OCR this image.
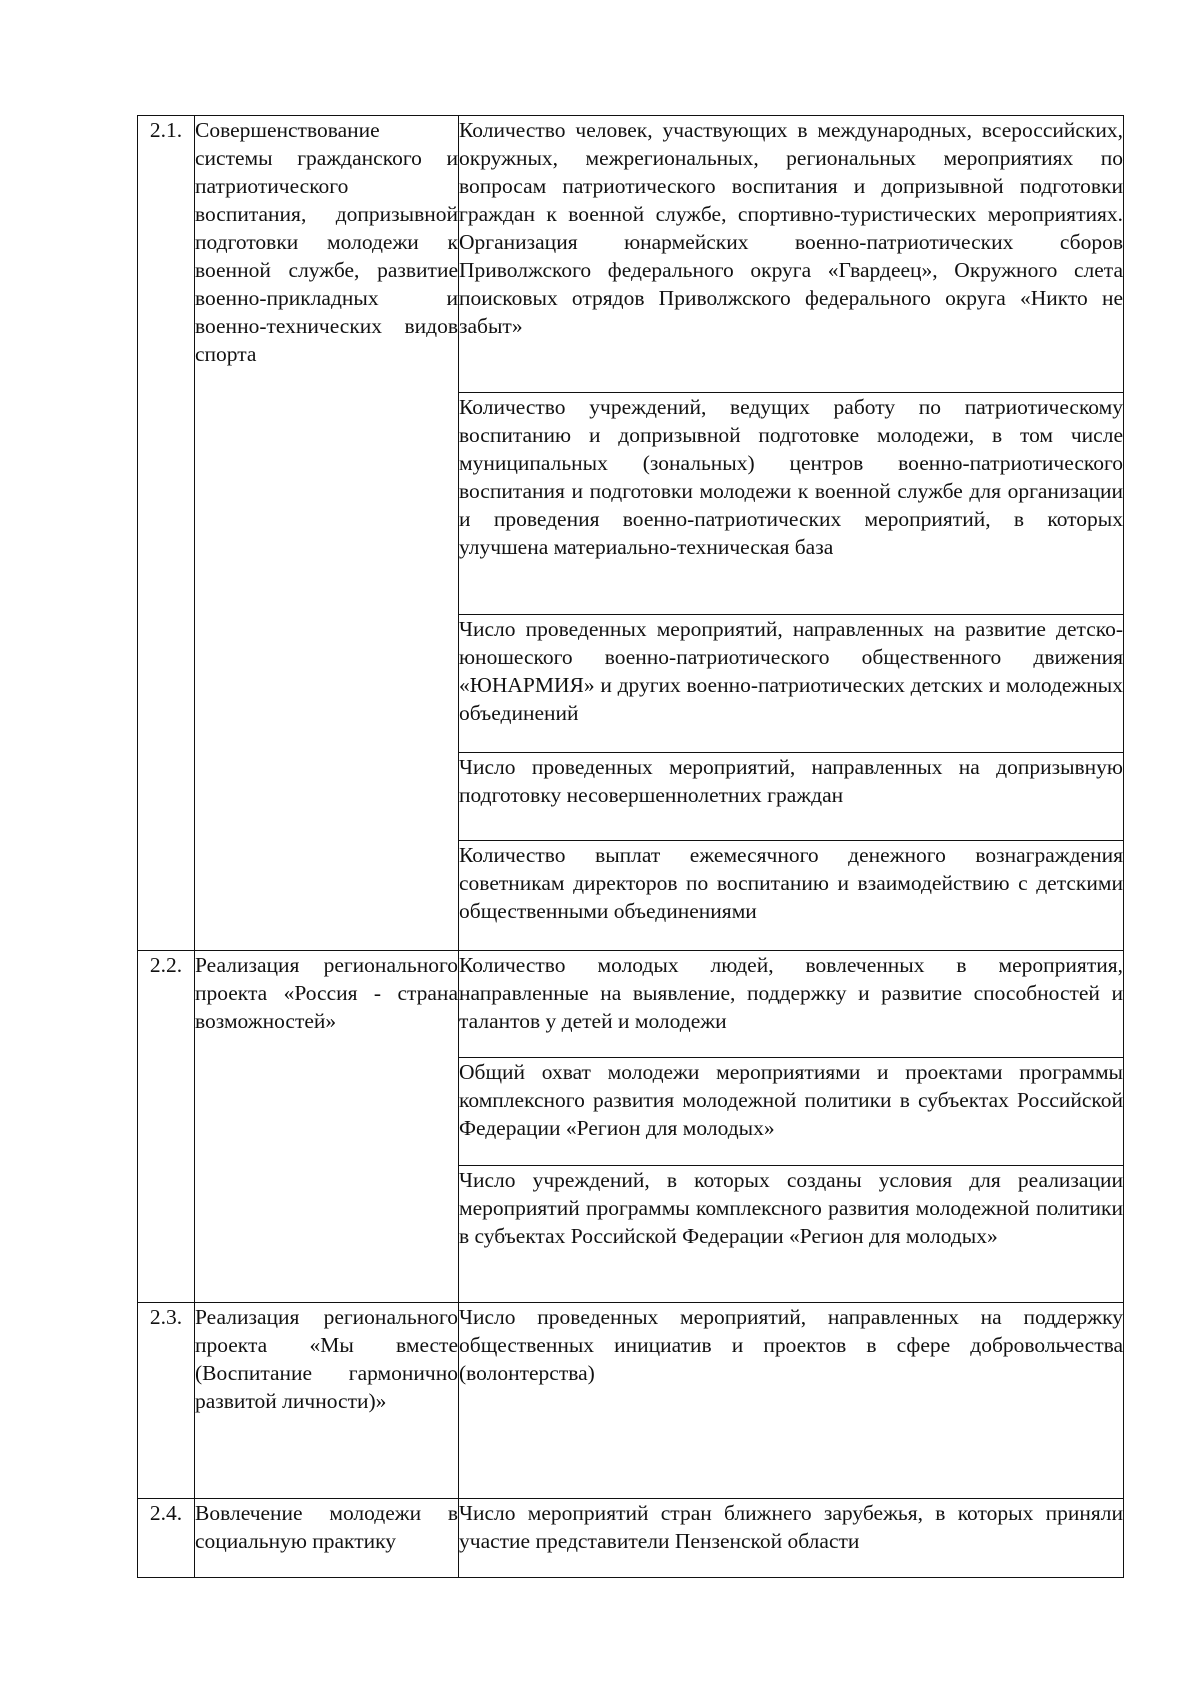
2.1.	Совершенствование системы гражданского и патриотического воспитания, допризывной подготовки молодежи к военной службе, развитие военно-прикладных и военно-технических видов спорта	Количество человек, участвующих в международных, всероссийских, окружных, межрегиональных, региональных мероприятиях по вопросам патриотического воспитания и допризывной подготовки граждан к военной службе, спортивно-туристических мероприятиях. Организация юнармейских военно-патриотических сборов Приволжского федерального округа «Гвардеец», Окружного слета поисковых отрядов Приволжского федерального округа «Никто не забыт»
		Количество учреждений, ведущих работу по патриотическому воспитанию и допризывной подготовке молодежи, в том числе муниципальных (зональных) центров военно-патриотического воспитания и подготовки молодежи к военной службе для организации и проведения военно-патриотических мероприятий, в которых улучшена материально-техническая база
		Число проведенных мероприятий, направленных на развитие детско-юношеского военно-патриотического общественного движения «ЮНАРМИЯ» и других военно-патриотических детских и молодежных объединений
		Число проведенных мероприятий, направленных на допризывную подготовку несовершеннолетних граждан
		Количество выплат ежемесячного денежного вознаграждения советникам директоров по воспитанию и взаимодействию с детскими общественными объединениями
2.2.	Реализация регионального проекта «Россия - страна возможностей»	Количество молодых людей, вовлеченных в мероприятия, направленные на выявление, поддержку и развитие способностей и талантов у детей и молодежи
		Общий охват молодежи мероприятиями и проектами программы комплексного развития молодежной политики в субъектах Российской Федерации «Регион для молодых»
		Число учреждений, в которых созданы условия для реализации мероприятий программы комплексного развития молодежной политики в субъектах Российской Федерации «Регион для молодых»
2.3.	Реализация регионального проекта «Мы вместе (Воспитание гармонично развитой личности)»	Число проведенных мероприятий, направленных на поддержку общественных инициатив и проектов в сфере добровольчества (волонтерства)
2.4.	Вовлечение молодежи в социальную практику	Число мероприятий стран ближнего зарубежья, в которых приняли участие представители Пензенской области
